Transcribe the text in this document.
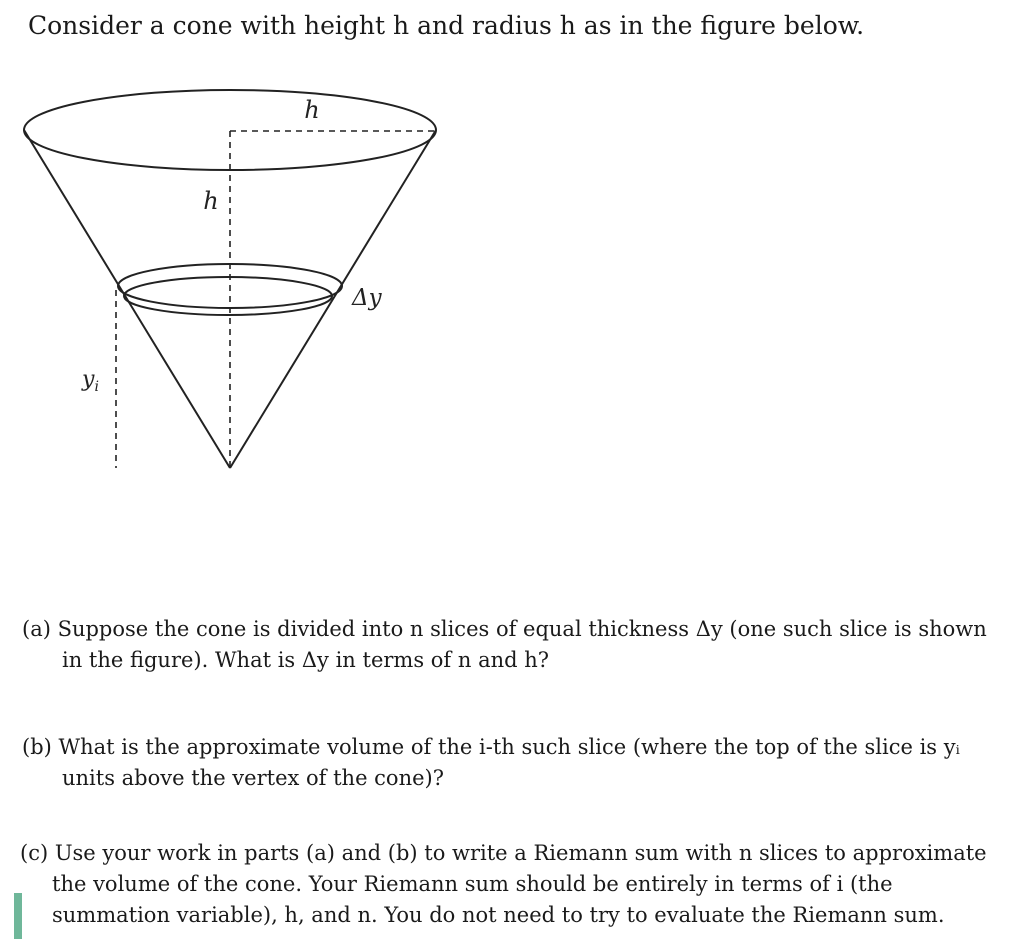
Consider a cone with height h and radius h as in the figure below.
h
h
Δy
$y_i$
(a) Suppose the cone is divided into n slices of equal thickness Δy (one such slice is shown
in the figure). What is Δy in terms of n and h?
(b) What is the approximate volume of the i-th such slice (where the top of the slice is yᵢ
units above the vertex of the cone)?
(c) Use your work in parts (a) and (b) to write a Riemann sum with n slices to approximate
the volume of the cone. Your Riemann sum should be entirely in terms of i (the
summation variable), h, and n. You do not need to try to evaluate the Riemann sum.
